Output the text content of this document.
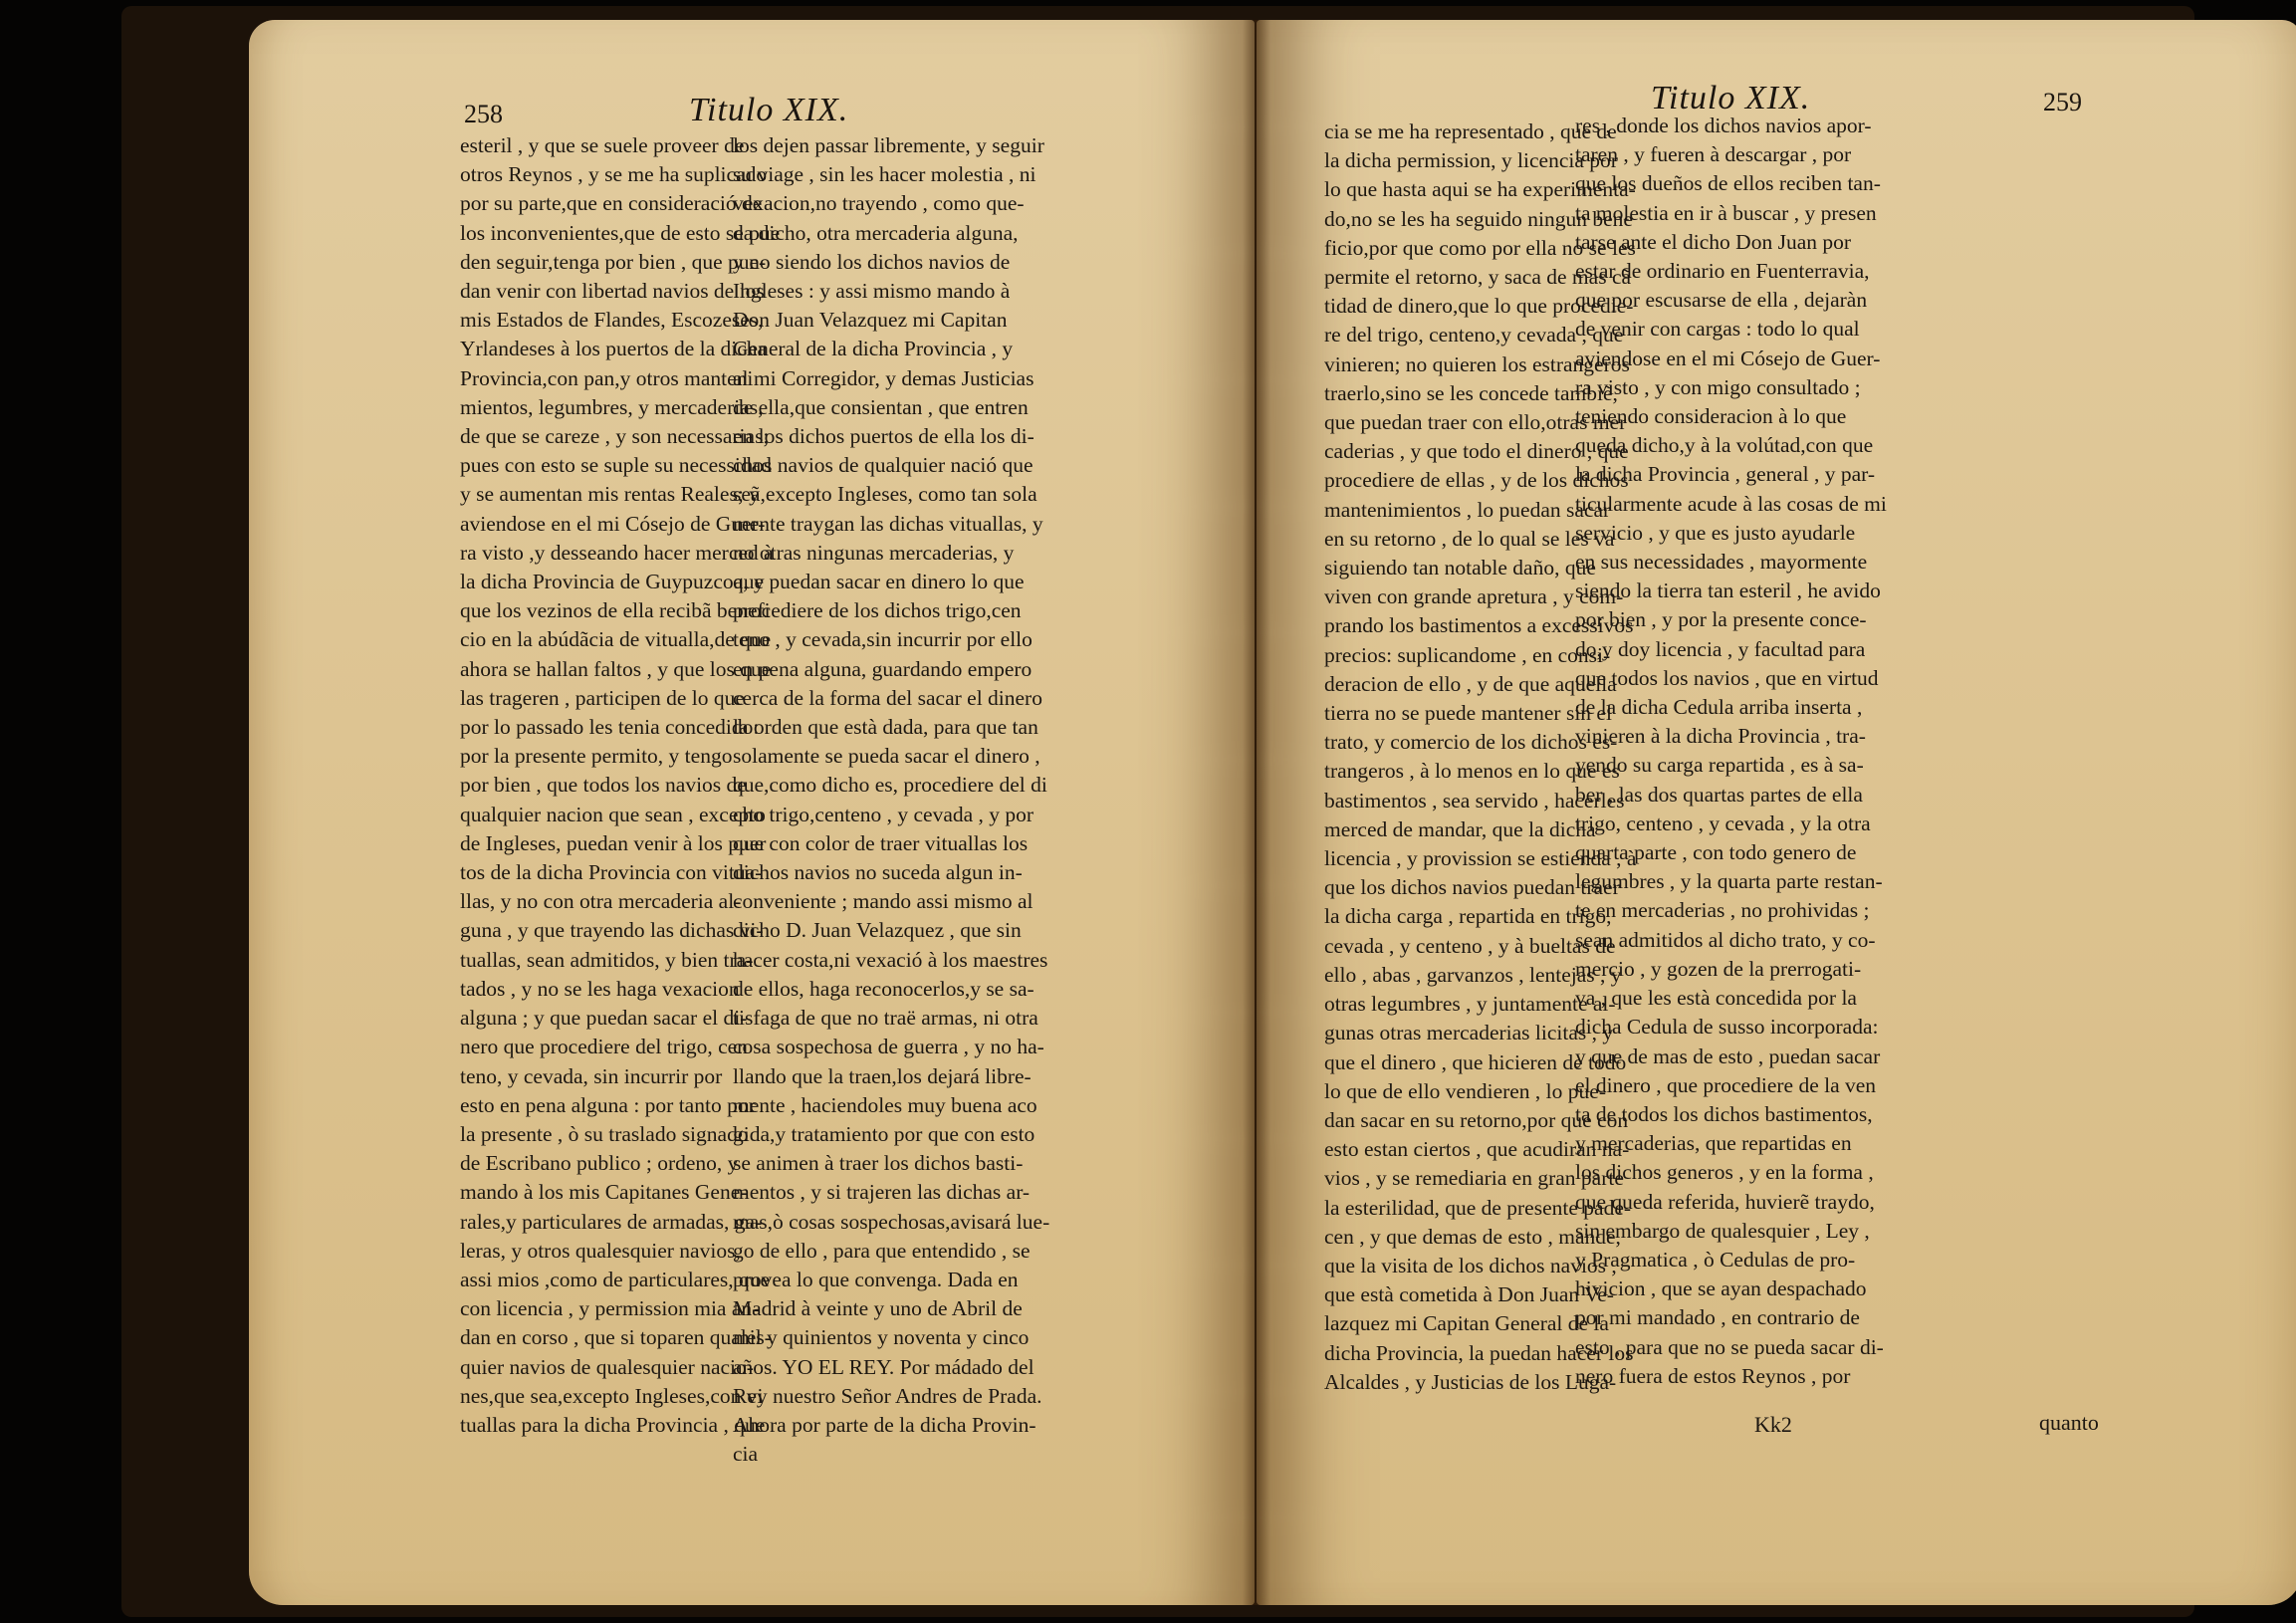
258	Titulo XIX.
esteril , y que se suele proveer de
otros Reynos , y se me ha suplicado
por su parte,que en consideració de
los inconvenientes,que de esto se pue
den seguir,tenga por bien , que pue-
dan venir con libertad navios de los
mis Estados de Flandes, Escozeses,
Yrlandeses à los puertos de la dicha
Provincia,con pan,y otros manteni
mientos, legumbres, y mercaderias,
de que se careze , y son necessarias;
pues con esto se suple su necessidad
y se aumentan mis rentas Reales; y
aviendose en el mi Cósejo de Guer-
ra visto ,y desseando hacer merced à
la dicha Provincia de Guypuzcoa, y
que los vezinos de ella recibã benefi
cio en la abúdãcia de vitualla,de que
ahora se hallan faltos , y que los que
las trageren , participen de lo que
por lo passado les tenia concedido:
por la presente permito, y tengo
por bien , que todos los navios de
qualquier nacion que sean , excepto
de Ingleses, puedan venir à los puer
tos de la dicha Provincia con vitua-
llas, y no con otra mercaderia al-
guna , y que trayendo las dichas vi-
tuallas, sean admitidos, y bien tra-
tados , y no se les haga vexacion
alguna ; y que puedan sacar el di-
nero que procediere del trigo, cen
teno, y cevada, sin incurrir por
esto en pena alguna : por tanto por
la presente , ò su traslado signado
de Escribano publico ; ordeno, y
mando à los mis Capitanes Gene-
rales,y particulares de armadas, ga-
leras, y otros qualesquier navios,
assi mios ,como de particulares, que
con licencia , y permission mia an-
dan en corso , que si toparen quales-
quier navios de qualesquier nacio-
nes,que sea,excepto Ingleses,con vi
tuallas para la dicha Provincia , que
los dejen passar libremente, y seguir
su viage , sin les hacer molestia , ni
vexacion,no trayendo , como que-
da dicho, otra mercaderia alguna,
y no siendo los dichos navios de
Ingleses : y assi mismo mando à
Don Juan Velazquez mi Capitan
General de la dicha Provincia , y
al mi Corregidor, y demas Justicias
de ella,que consientan , que entren
en los dichos puertos de ella los di-
chos navios de qualquier nació que
seã,excepto Ingleses, como tan sola
mente traygan las dichas vituallas, y
no otras ningunas mercaderias, y
que puedan sacar en dinero lo que
procediere de los dichos trigo,cen
teno , y cevada,sin incurrir por ello
en pena alguna, guardando empero
cerca de la forma del sacar el dinero
la orden que està dada, para que tan
solamente se pueda sacar el dinero ,
que,como dicho es, procediere del di
cho trigo,centeno , y cevada , y por
que con color de traer vituallas los
dichos navios no suceda algun in-
conveniente ; mando assi mismo al
dicho D. Juan Velazquez , que sin
hacer costa,ni vexació à los maestres
de ellos, haga reconocerlos,y se sa-
tisfaga de que no traë armas, ni otra
cosa sospechosa de guerra , y no ha-
llando que la traen,los dejará libre-
mente , haciendoles muy buena aco
gida,y tratamiento por que con esto
se animen à traer los dichos basti-
mentos , y si trajeren las dichas ar-
mas,ò cosas sospechosas,avisará lue-
go de ello , para que entendido , se
provea lo que convenga. Dada en
Madrid à veinte y uno de Abril de
mil y quinientos y noventa y cinco
años. YO EL REY. Por mádado del
Rey nuestro Señor Andres de Prada.
Ahora por parte de la dicha Provin-
cia
Titulo XIX.	259
cia se me ha representado , que de
la dicha permission, y licencia por
lo que hasta aqui se ha experimenta-
do,no se les ha seguido ningun bene
ficio,por que como por ella no se les
permite el retorno, y saca de mas cã
tidad de dinero,que lo que procedie-
re del trigo, centeno,y cevada , que
vinieren; no quieren los estrangeros
traerlo,sino se les concede tambiẽ,
que puedan traer con ello,otras mer
caderias , y que todo el dinero , que
procediere de ellas , y de los dichos
mantenimientos , lo puedan sacar
en su retorno , de lo qual se les va
siguiendo tan notable daño, que
viven con grande apretura , y com-
prando los bastimentos a excessivos
precios: suplicandome , en consi-
deracion de ello , y de que aquella
tierra no se puede mantener sin el
trato, y comercio de los dichos es-
trangeros , à lo menos en lo que es
bastimentos , sea servido , hacerles
merced de mandar, que la dicha
licencia , y provission se estienda , à
que los dichos navios puedan traer
la dicha carga , repartida en trigo,
cevada , y centeno , y à bueltas de
ello , abas , garvanzos , lentejas , y
otras legumbres , y juntamente al-
gunas otras mercaderias licitas , y
que el dinero , que hicieren de todo
lo que de ello vendieren , lo pue-
dan sacar en su retorno,por que con
esto estan ciertos , que acudiran na-
vios , y se remediaria en gran parte
la esterilidad, que de presente pade-
cen , y que demas de esto , mande,
que la visita de los dichos navios ,
que està cometida à Don Juan Ve-
lazquez mi Capitan General de la
dicha Provincia, la puedan hacer los
Alcaldes , y Justicias de los Luga-
res , donde los dichos navios apor-
taren , y fueren à descargar , por
que los dueños de ellos reciben tan-
ta molestia en ir à buscar , y presen
tarse ante el dicho Don Juan por
estar de ordinario en Fuenterravia,
que por escusarse de ella , dejaràn
de venir con cargas : todo lo qual
aviendose en el mi Cósejo de Guer-
ra visto , y con migo consultado ;
teniendo consideracion à lo que
queda dicho,y à la volútad,con que
la dicha Provincia , general , y par-
ticularmente acude à las cosas de mi
servicio , y que es justo ayudarle
en sus necessidades , mayormente
siendo la tierra tan esteril , he avido
por bien , y por la presente conce-
do,y doy licencia , y facultad para
que todos los navios , que en virtud
de la dicha Cedula arriba inserta ,
vinieren à la dicha Provincia , tra-
yendo su carga repartida , es à sa-
ber , las dos quartas partes de ella
trigo, centeno , y cevada , y la otra
quarta parte , con todo genero de
legumbres , y la quarta parte restan-
te en mercaderias , no prohividas ;
sean admitidos al dicho trato, y co-
mercio , y gozen de la prerrogati-
va , que les està concedida por la
dicha Cedula de susso incorporada:
y que de mas de esto , puedan sacar
el dinero , que procediere de la ven
ta de todos los dichos bastimentos,
y mercaderias, que repartidas en
los dichos generos , y en la forma ,
que queda referida, huvierẽ traydo,
sin embargo de qualesquier , Ley ,
y Pragmatica , ò Cedulas de pro-
hivicion , que se ayan despachado
por mi mandado , en contrario de
esto , para que no se pueda sacar di-
nero fuera de estos Reynos , por
Kk2	quanto
